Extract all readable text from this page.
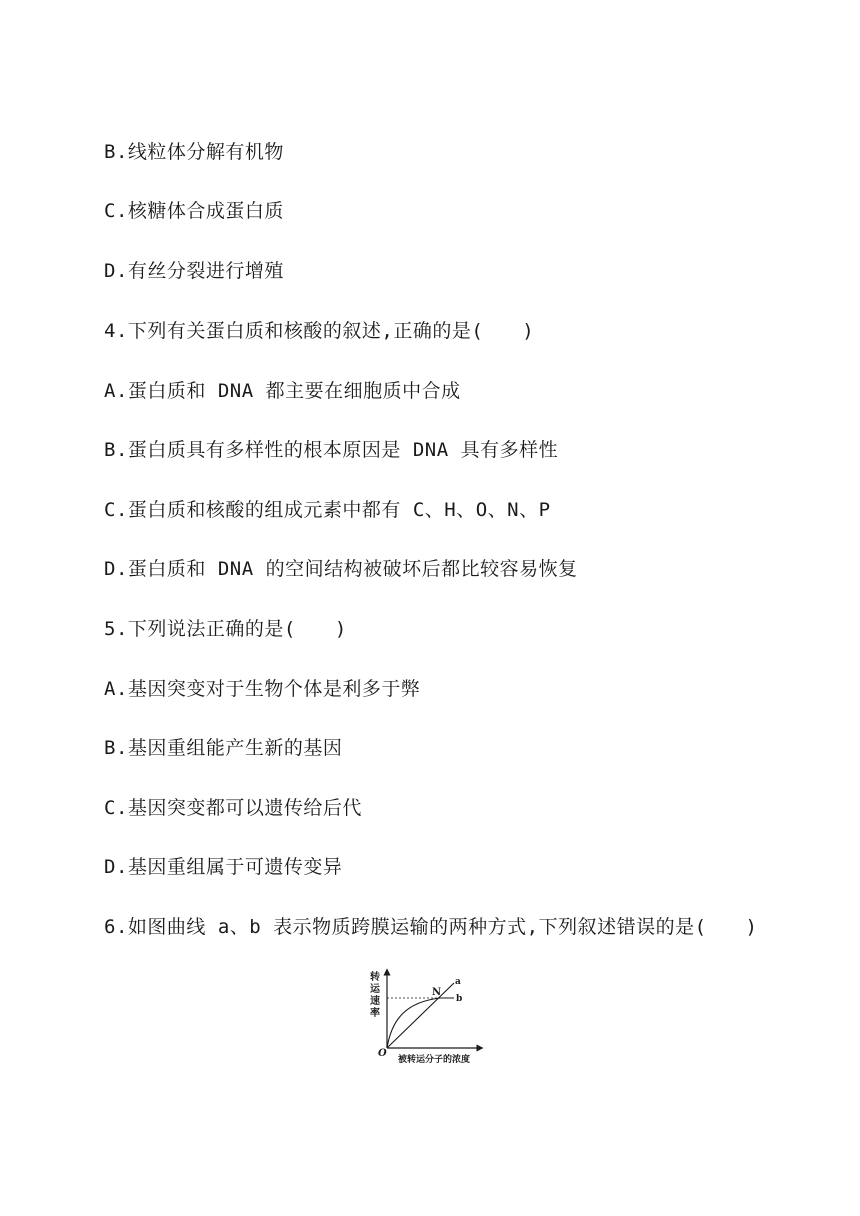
B.线粒体分解有机物
C.核糖体合成蛋白质
D.有丝分裂进行增殖
4.下列有关蛋白质和核酸的叙述,正确的是(　　)
A.蛋白质和 DNA 都主要在细胞质中合成
B.蛋白质具有多样性的根本原因是 DNA 具有多样性
C.蛋白质和核酸的组成元素中都有 C、H、O、N、P
D.蛋白质和 DNA 的空间结构被破坏后都比较容易恢复
5.下列说法正确的是(　　)
A.基因突变对于生物个体是利多于弊
B.基因重组能产生新的基因
C.基因突变都可以遗传给后代
D.基因重组属于可遗传变异
6.如图曲线 a、b 表示物质跨膜运输的两种方式,下列叙述错误的是(　　)
转
运
速
率
O
N
a
b
被转运分子的浓度
